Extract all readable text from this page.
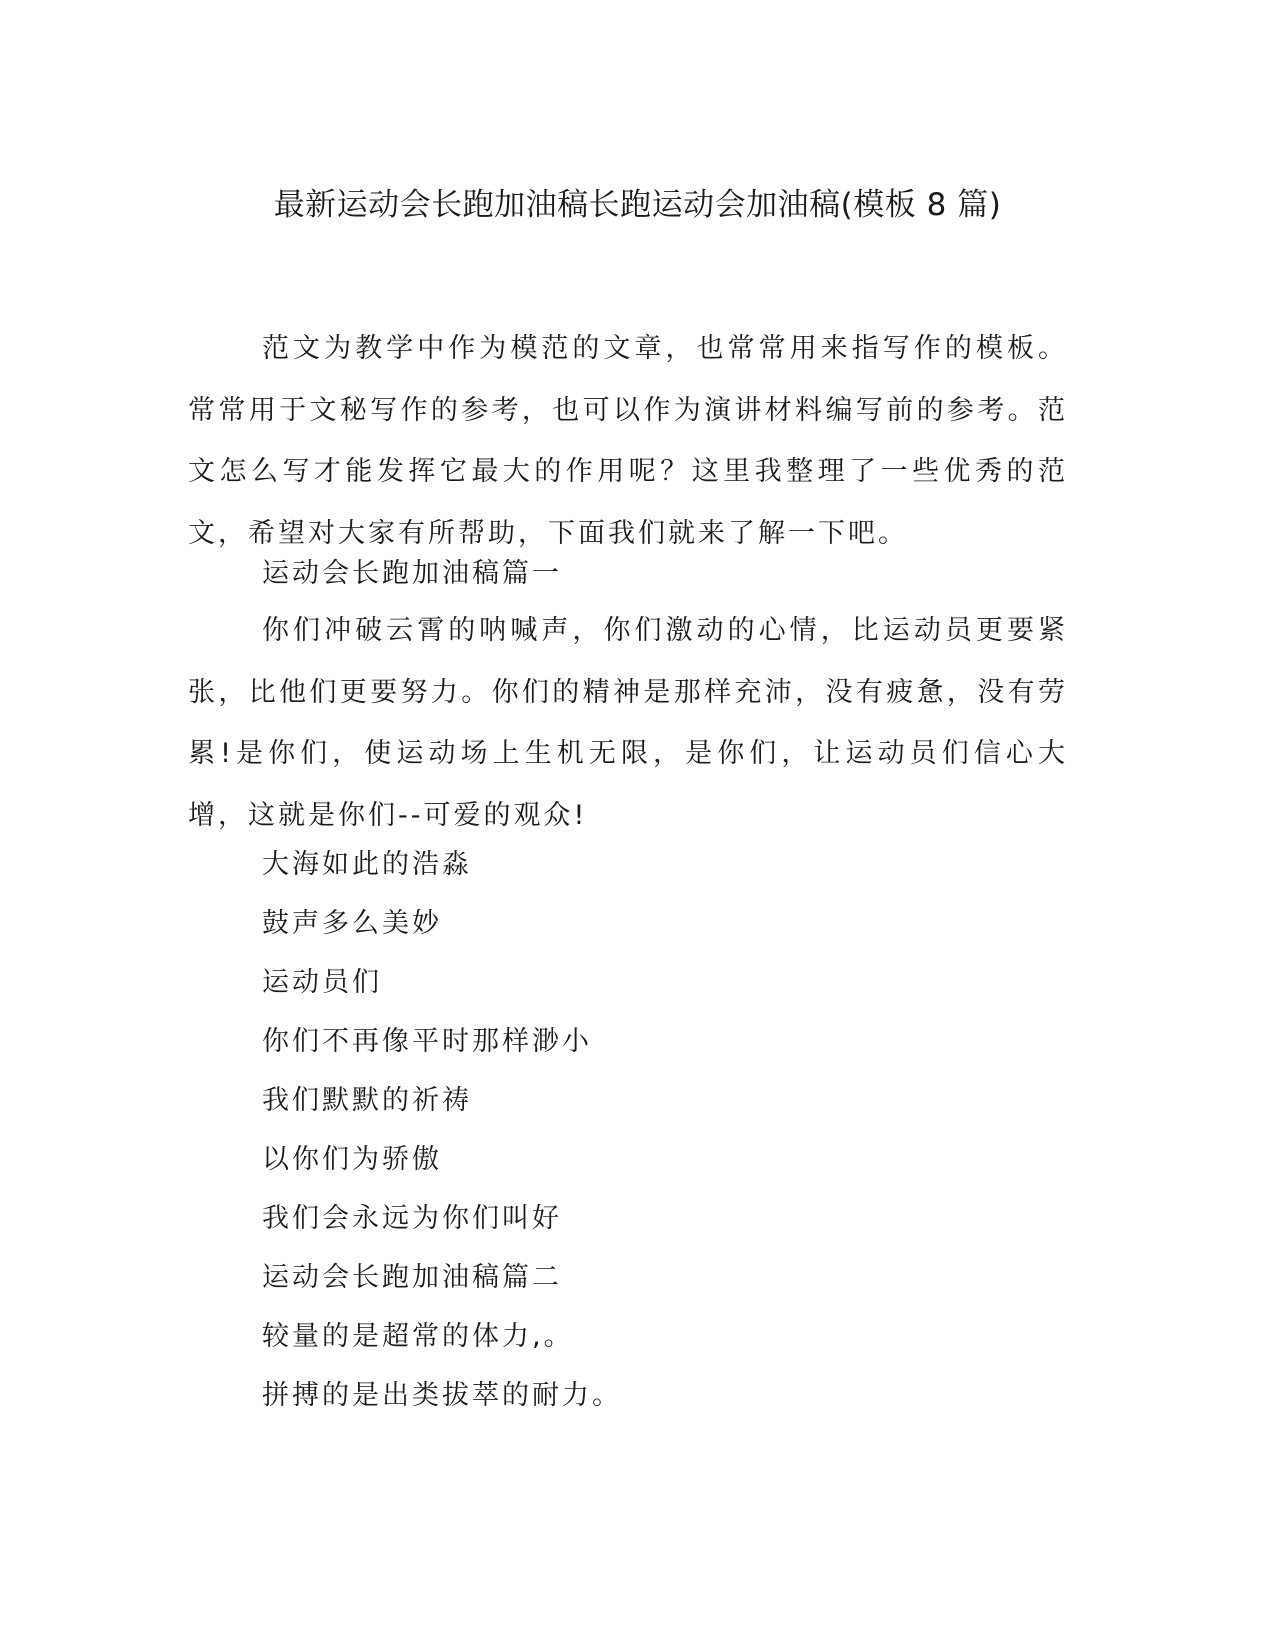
最新运动会长跑加油稿长跑运动会加油稿(模板 8 篇)

范文为教学中作为模范的文章，也常常用来指写作的模板。常常用于文秘写作的参考，也可以作为演讲材料编写前的参考。范文怎么写才能发挥它最大的作用呢？这里我整理了一些优秀的范文，希望对大家有所帮助，下面我们就来了解一下吧。

运动会长跑加油稿篇一

你们冲破云霄的呐喊声，你们激动的心情，比运动员更要紧张，比他们更要努力。你们的精神是那样充沛，没有疲惫，没有劳累!是你们，使运动场上生机无限，是你们，让运动员们信心大增，这就是你们--可爱的观众!

大海如此的浩淼
鼓声多么美妙
运动员们
你们不再像平时那样渺小
我们默默的祈祷
以你们为骄傲
我们会永远为你们叫好
运动会长跑加油稿篇二
较量的是超常的体力,。
拼搏的是出类拔萃的耐力。
